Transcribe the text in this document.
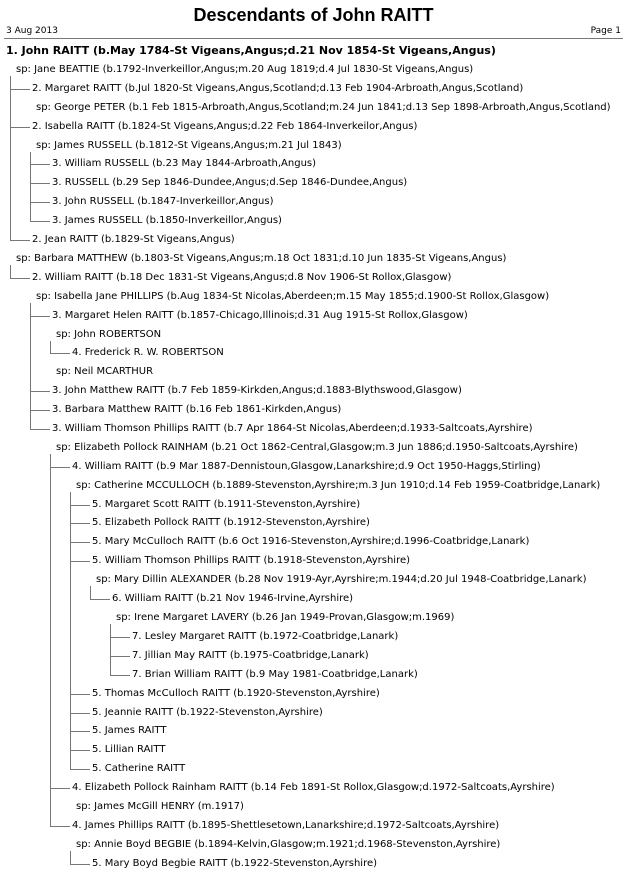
Descendants of John RAITT
3 Aug 2013	Page 1
1. John RAITT (b.May 1784-St Vigeans,Angus;d.21 Nov 1854-St Vigeans,Angus)
sp: Jane BEATTIE (b.1792-Inverkeillor,Angus;m.20 Aug 1819;d.4 Jul 1830-St Vigeans,Angus)
2. Margaret RAITT (b.Jul 1820-St Vigeans,Angus,Scotland;d.13 Feb 1904-Arbroath,Angus,Scotland)
sp: George PETER (b.1 Feb 1815-Arbroath,Angus,Scotland;m.24 Jun 1841;d.13 Sep 1898-Arbroath,Angus,Scotland)
2. Isabella RAITT (b.1824-St Vigeans,Angus;d.22 Feb 1864-Inverkeilor,Angus)
sp: James RUSSELL (b.1812-St Vigeans,Angus;m.21 Jul 1843)
3. William RUSSELL (b.23 May 1844-Arbroath,Angus)
3. RUSSELL (b.29 Sep 1846-Dundee,Angus;d.Sep 1846-Dundee,Angus)
3. John RUSSELL (b.1847-Inverkeillor,Angus)
3. James RUSSELL (b.1850-Inverkeillor,Angus)
2. Jean RAITT (b.1829-St Vigeans,Angus)
sp: Barbara MATTHEW (b.1803-St Vigeans,Angus;m.18 Oct 1831;d.10 Jun 1835-St Vigeans,Angus)
2. William RAITT (b.18 Dec 1831-St Vigeans,Angus;d.8 Nov 1906-St Rollox,Glasgow)
sp: Isabella Jane PHILLIPS (b.Aug 1834-St Nicolas,Aberdeen;m.15 May 1855;d.1900-St Rollox,Glasgow)
3. Margaret Helen RAITT (b.1857-Chicago,Illinois;d.31 Aug 1915-St Rollox,Glasgow)
sp: John ROBERTSON
4. Frederick R. W. ROBERTSON
sp: Neil MCARTHUR
3. John Matthew RAITT (b.7 Feb 1859-Kirkden,Angus;d.1883-Blythswood,Glasgow)
3. Barbara Matthew RAITT (b.16 Feb 1861-Kirkden,Angus)
3. William Thomson Phillips RAITT (b.7 Apr 1864-St Nicolas,Aberdeen;d.1933-Saltcoats,Ayrshire)
sp: Elizabeth Pollock RAINHAM (b.21 Oct 1862-Central,Glasgow;m.3 Jun 1886;d.1950-Saltcoats,Ayrshire)
4. William RAITT (b.9 Mar 1887-Dennistoun,Glasgow,Lanarkshire;d.9 Oct 1950-Haggs,Stirling)
sp: Catherine MCCULLOCH (b.1889-Stevenston,Ayrshire;m.3 Jun 1910;d.14 Feb 1959-Coatbridge,Lanark)
5. Margaret Scott RAITT (b.1911-Stevenston,Ayrshire)
5. Elizabeth Pollock RAITT (b.1912-Stevenston,Ayrshire)
5. Mary McCulloch RAITT (b.6 Oct 1916-Stevenston,Ayrshire;d.1996-Coatbridge,Lanark)
5. William Thomson Phillips RAITT (b.1918-Stevenston,Ayrshire)
sp: Mary Dillin ALEXANDER (b.28 Nov 1919-Ayr,Ayrshire;m.1944;d.20 Jul 1948-Coatbridge,Lanark)
6. William RAITT (b.21 Nov 1946-Irvine,Ayrshire)
sp: Irene Margaret LAVERY (b.26 Jan 1949-Provan,Glasgow;m.1969)
7. Lesley Margaret RAITT (b.1972-Coatbridge,Lanark)
7. Jillian May RAITT (b.1975-Coatbridge,Lanark)
7. Brian William RAITT (b.9 May 1981-Coatbridge,Lanark)
5. Thomas McCulloch RAITT (b.1920-Stevenston,Ayrshire)
5. Jeannie RAITT (b.1922-Stevenston,Ayrshire)
5. James RAITT
5. Lillian RAITT
5. Catherine RAITT
4. Elizabeth Pollock Rainham RAITT (b.14 Feb 1891-St Rollox,Glasgow;d.1972-Saltcoats,Ayrshire)
sp: James McGill HENRY (m.1917)
4. James Phillips RAITT (b.1895-Shettlesetown,Lanarkshire;d.1972-Saltcoats,Ayrshire)
sp: Annie Boyd BEGBIE (b.1894-Kelvin,Glasgow;m.1921;d.1968-Stevenston,Ayrshire)
5. Mary Boyd Begbie RAITT (b.1922-Stevenston,Ayrshire)
